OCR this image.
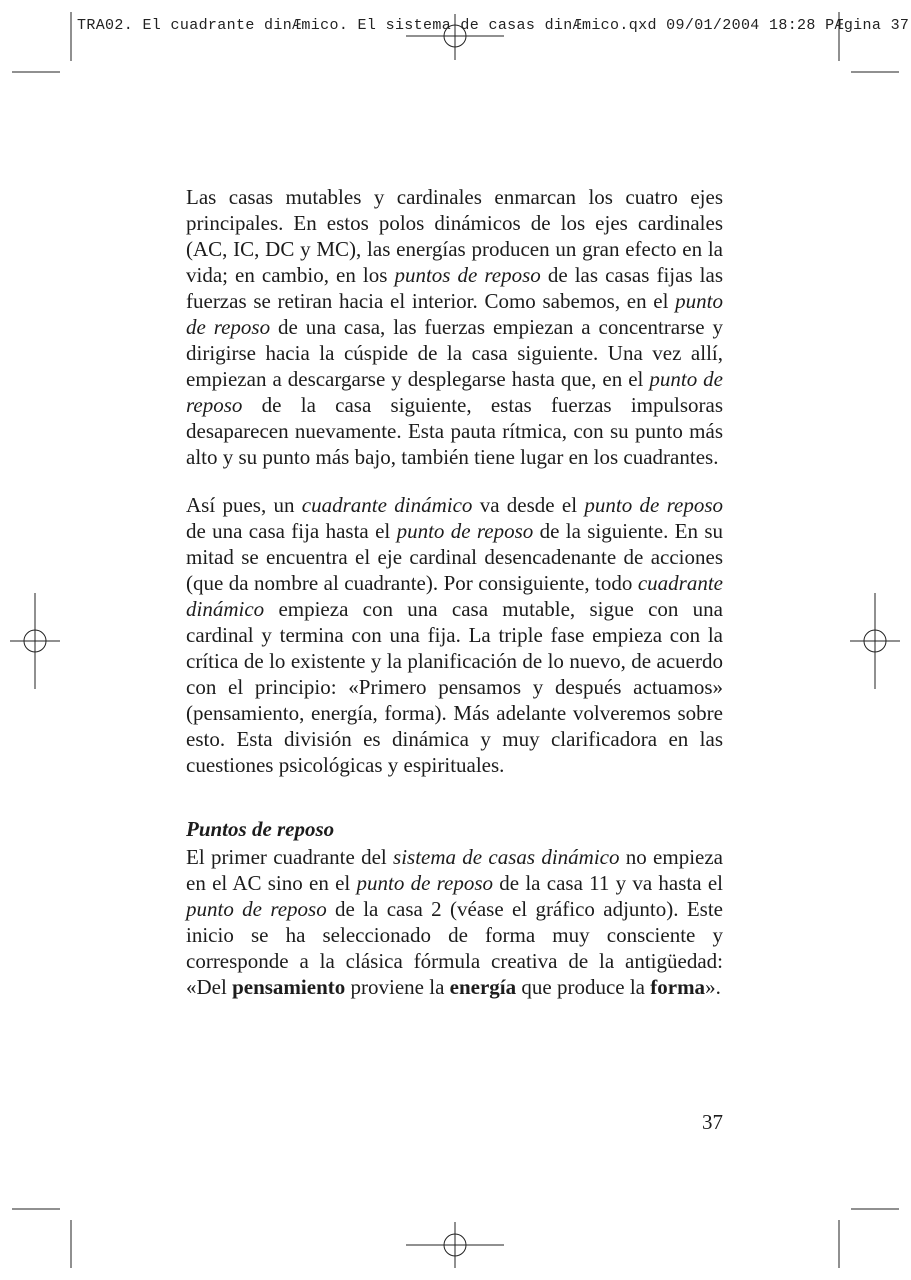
TRA02. El cuadrante dinÆmico. El sistema de casas dinÆmico.qxd 09/01/2004 18:28 PÆgina 37

Las casas mutables y cardinales enmarcan los cuatro ejes principales. En estos polos dinámicos de los ejes cardinales (AC, IC, DC y MC), las energías producen un gran efecto en la vida; en cambio, en los puntos de reposo de las casas fijas las fuerzas se retiran hacia el interior. Como sabemos, en el punto de reposo de una casa, las fuerzas empiezan a concentrarse y dirigirse hacia la cúspide de la casa siguiente. Una vez allí, empiezan a descargarse y desplegarse hasta que, en el punto de reposo de la casa siguiente, estas fuerzas impulsoras desaparecen nuevamente. Esta pauta rítmica, con su punto más alto y su punto más bajo, también tiene lugar en los cuadrantes.

Así pues, un cuadrante dinámico va desde el punto de reposo de una casa fija hasta el punto de reposo de la siguiente. En su mitad se encuentra el eje cardinal desencadenante de acciones (que da nombre al cuadrante). Por consiguiente, todo cuadrante dinámico empieza con una casa mutable, sigue con una cardinal y termina con una fija. La triple fase empieza con la crítica de lo existente y la planificación de lo nuevo, de acuerdo con el principio: «Primero pensamos y después actuamos» (pensamiento, energía, forma). Más adelante volveremos sobre esto. Esta división es dinámica y muy clarificadora en las cuestiones psicológicas y espirituales.

Puntos de reposo

El primer cuadrante del sistema de casas dinámico no empieza en el AC sino en el punto de reposo de la casa 11 y va hasta el punto de reposo de la casa 2 (véase el gráfico adjunto). Este inicio se ha seleccionado de forma muy consciente y corresponde a la clásica fórmula creativa de la antigüedad: «Del pensamiento proviene la energía que produce la forma».

37
